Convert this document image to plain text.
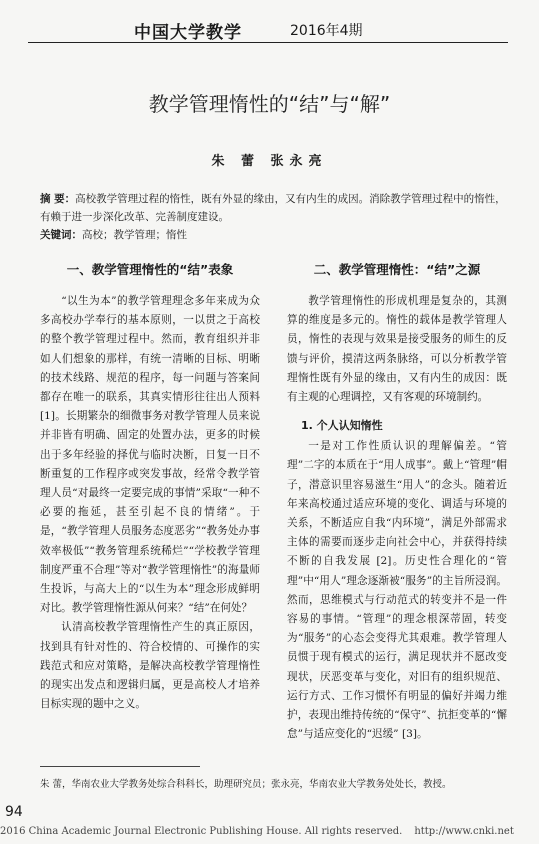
中国大学教学	2016年4期
教学管理惰性的“结”与“解”
朱 蕾 张永亮
摘 要：高校教学管理过程的惰性，既有外显的缘由，又有内生的成因。消除教学管理过程中的惰性，有赖于进一步深化改革、完善制度建设。
关键词：高校；教学管理；惰性
一、教学管理惰性的“结”表象

“以生为本”的教学管理理念多年来成为众多高校办学奉行的基本原则，一以贯之于高校的整个教学管理过程中。然而，教育组织并非如人们想象的那样，有统一清晰的目标、明晰的技术线路、规范的程序，每一问题与答案间都存在唯一的联系，其真实情形往往出人预料 [1]。长期繁杂的细微事务对教学管理人员来说并非皆有明确、固定的处置办法，更多的时候出于多年经验的择优与临时决断，日复一日不断重复的工作程序或突发事故，经常令教学管理人员“对最终一定要完成的事情”采取“一种不必要的拖延，甚至引起不良的情绪”。于是，“教学管理人员服务态度恶劣”“教务处办事效率极低”“教务管理系统稀烂”“学校教学管理制度严重不合理”等对“教学管理惰性”的海量师生投诉，与高大上的“以生为本”理念形成鲜明对比。教学管理惰性源从何来？“结”在何处？

认清高校教学管理惰性产生的真正原因，找到具有针对性的、符合校情的、可操作的实践范式和应对策略，是解决高校教学管理惰性的现实出发点和逻辑归属，更是高校人才培养目标实现的题中之义。

二、教学管理惰性：“结”之源

教学管理惰性的形成机理是复杂的，其测算的维度是多元的。惰性的载体是教学管理人员，惰性的表现与效果是接受服务的师生的反馈与评价，摸清这两条脉络，可以分析教学管理惰性既有外显的缘由，又有内生的成因：既有主观的心理调控，又有客观的环境制约。

1. 个人认知惰性

一是对工作性质认识的理解偏差。“管理”二字的本质在于“用人成事”。戴上“管理”帽子，潜意识里容易滋生“用人”的念头。随着近年来高校通过适应环境的变化、调适与环境的关系，不断适应自我“内环境”，满足外部需求主体的需要而逐步走向社会中心，并获得持续不断的自我发展 [2]。历史性合理化的“管理”中“用人”理念逐渐被“服务”的主旨所浸润。然而，思维模式与行动范式的转变并不是一件容易的事情。“管理”的理念根深蒂固，转变为“服务”的心态会变得尤其艰难。教学管理人员惯于现有模式的运行，满足现状并不愿改变现状，厌恶变革与变化，对旧有的组织规范、运行方式、工作习惯怀有明显的偏好并竭力维护，表现出维持传统的“保守”、抗拒变革的“懈怠”与适应变化的“迟缓” [3]。

朱 蕾，华南农业大学教务处综合科科长，助理研究员；张永亮，华南农业大学教务处处长，教授。
94
2016 China Academic Journal Electronic Publishing House. All rights reserved. http://www.cnki.net
